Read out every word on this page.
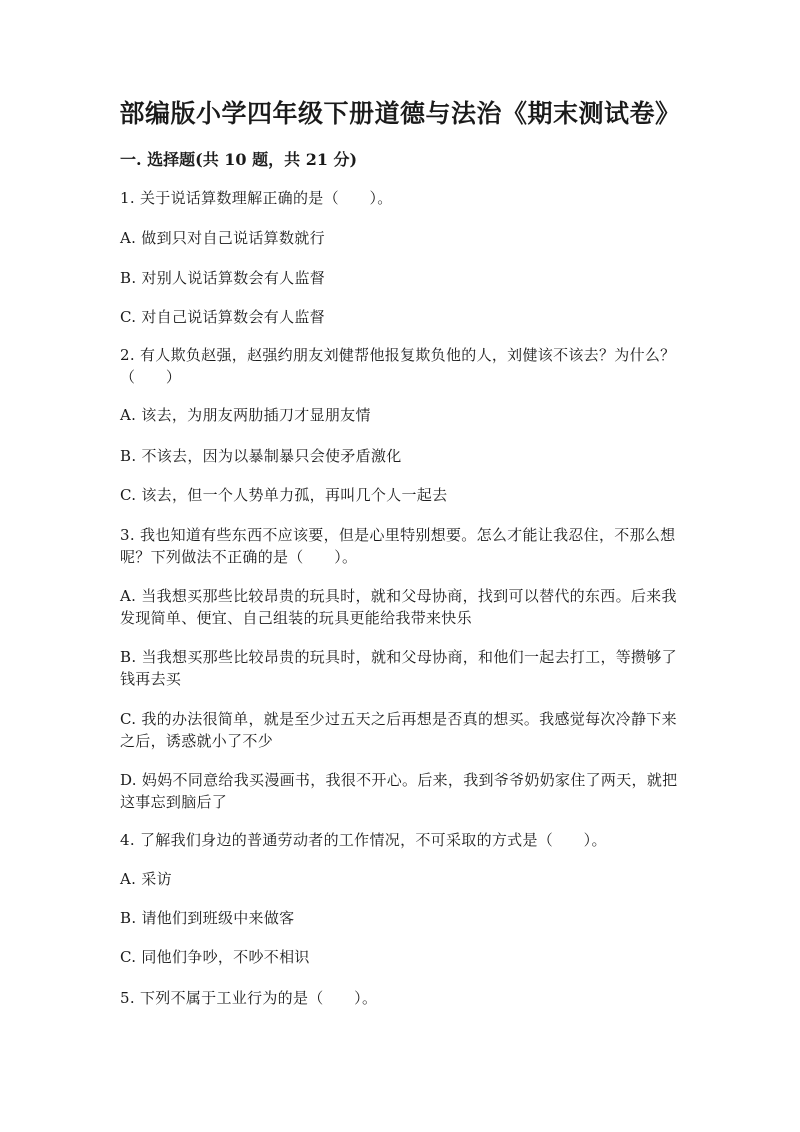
部编版小学四年级下册道德与法治《期末测试卷》
一. 选择题(共 10 题，共 21 分)
1. 关于说话算数理解正确的是（　　）。
A. 做到只对自己说话算数就行
B. 对别人说话算数会有人监督
C. 对自己说话算数会有人监督
2. 有人欺负赵强，赵强约朋友刘健帮他报复欺负他的人，刘健该不该去？为什么？（　　）
A. 该去，为朋友两肋插刀才显朋友情
B. 不该去，因为以暴制暴只会使矛盾激化
C. 该去，但一个人势单力孤，再叫几个人一起去
3. 我也知道有些东西不应该要，但是心里特别想要。怎么才能让我忍住，不那么想呢？下列做法不正确的是（　　）。
A. 当我想买那些比较昂贵的玩具时，就和父母协商，找到可以替代的东西。后来我发现简单、便宜、自己组装的玩具更能给我带来快乐
B. 当我想买那些比较昂贵的玩具时，就和父母协商，和他们一起去打工，等攒够了钱再去买
C. 我的办法很简单，就是至少过五天之后再想是否真的想买。我感觉每次冷静下来之后，诱惑就小了不少
D. 妈妈不同意给我买漫画书，我很不开心。后来，我到爷爷奶奶家住了两天，就把这事忘到脑后了
4. 了解我们身边的普通劳动者的工作情况，不可采取的方式是（　　）。
A. 采访
B. 请他们到班级中来做客
C. 同他们争吵，不吵不相识
5. 下列不属于工业行为的是（　　）。
